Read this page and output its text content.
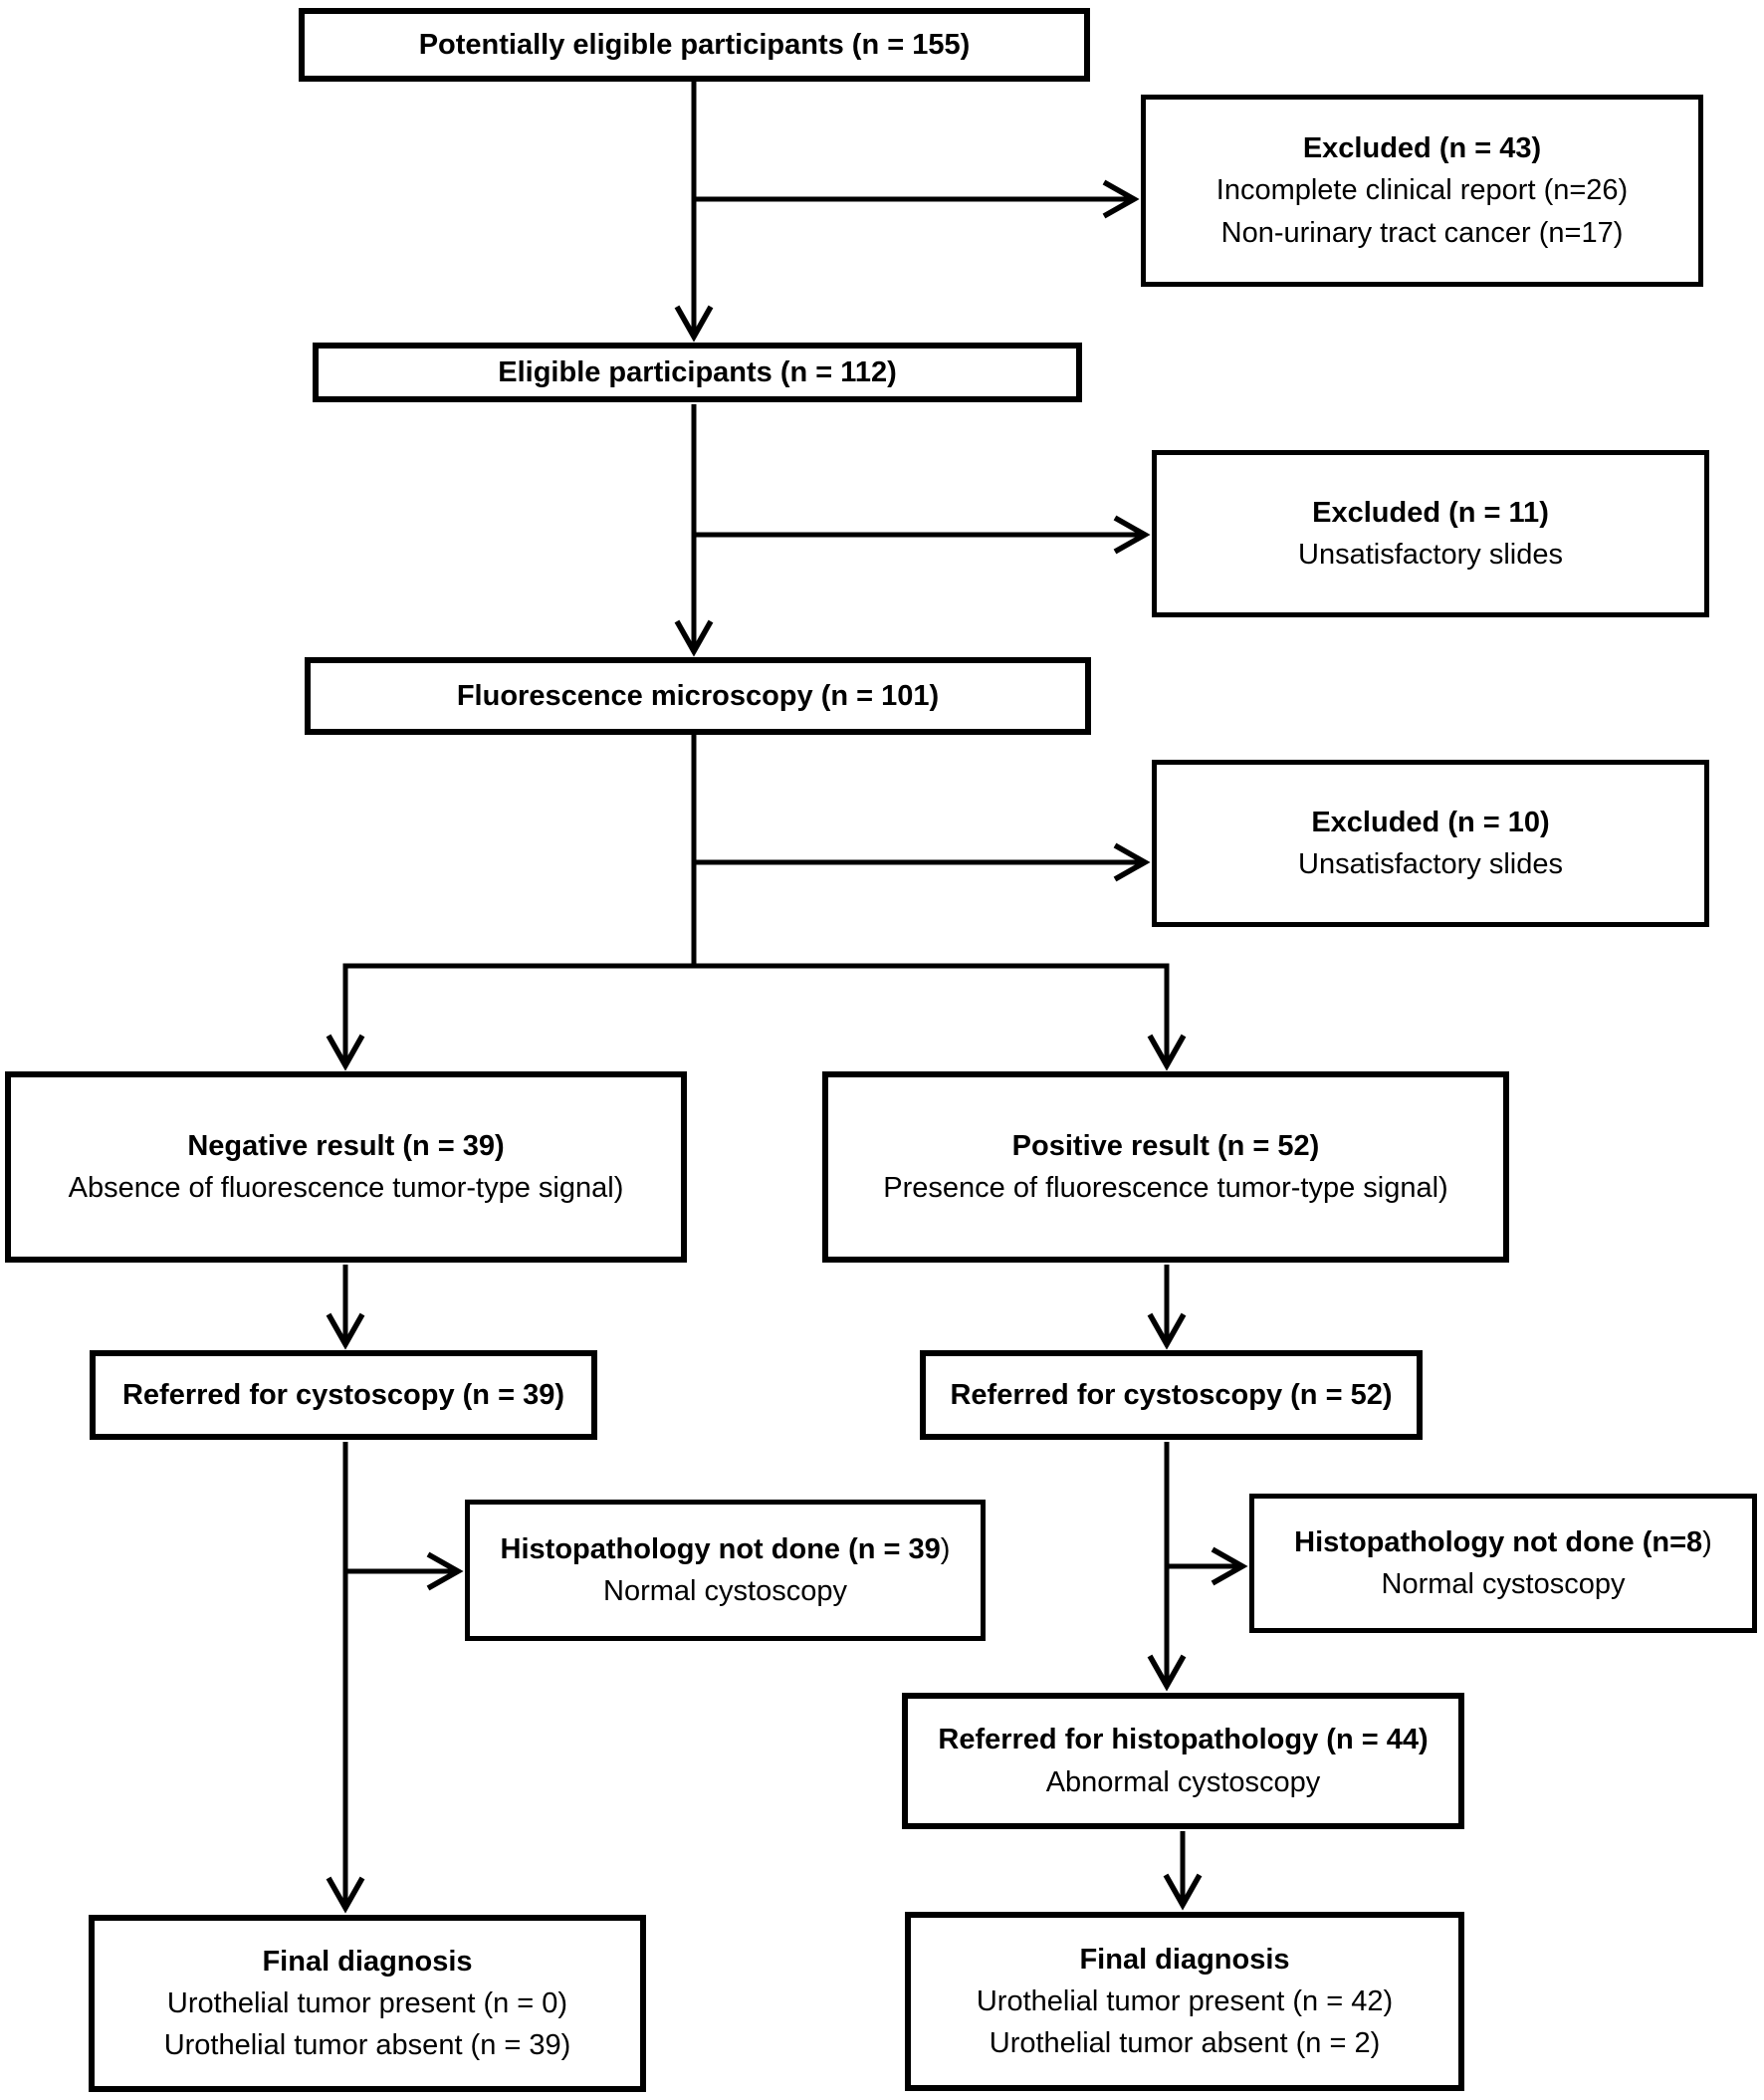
Potentially eligible participants (n = 155)
Excluded (n = 43)
Incomplete clinical report (n=26)
Non-urinary tract cancer (n=17)
Eligible participants (n = 112)
Excluded (n = 11)
Unsatisfactory slides
Fluorescence microscopy (n = 101)
Excluded (n = 10)
Unsatisfactory slides
Negative result (n = 39)
Absence of fluorescence tumor-type signal)
Positive result (n = 52)
Presence of fluorescence tumor-type signal)
Referred for cystoscopy (n = 39)	Referred for cystoscopy (n = 52)
Histopathology not done (n = 39)
Normal cystoscopy
Histopathology not done (n=8)
Normal cystoscopy
Referred for histopathology (n = 44)
Abnormal cystoscopy
Final diagnosis
Urothelial tumor present (n = 0)
Urothelial tumor absent (n = 39)
Final diagnosis
Urothelial tumor present (n = 42)
Urothelial tumor absent (n = 2)
